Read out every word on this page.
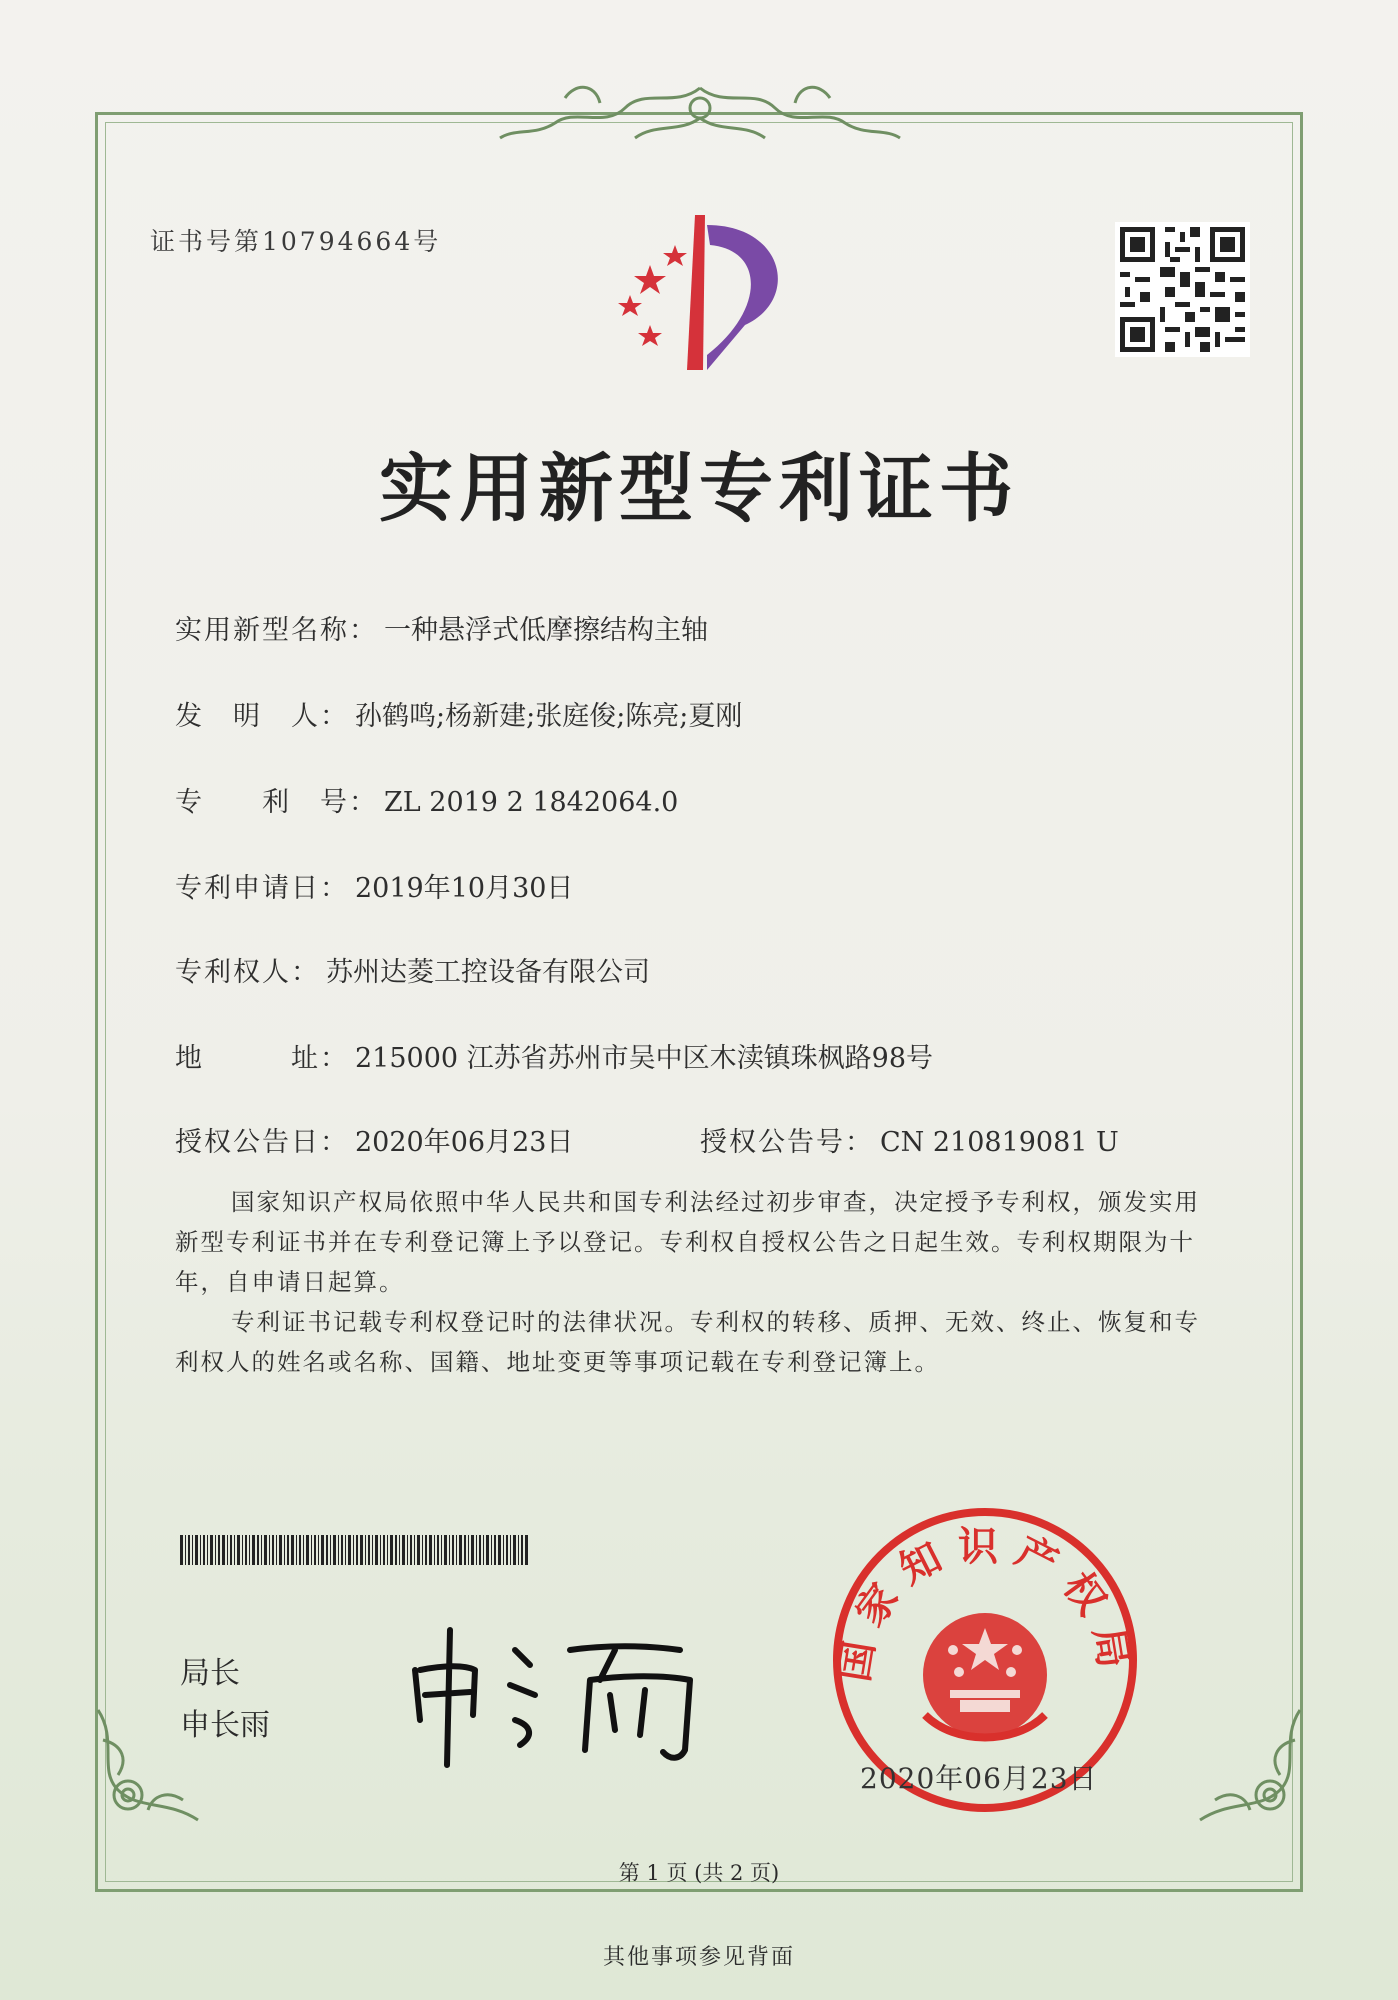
证书号第10794664号
实用新型专利证书
实用新型名称： 一种悬浮式低摩擦结构主轴
发　明　人： 孙鹤鸣;杨新建;张庭俊;陈亮;夏刚
专　　利　号： ZL 2019 2 1842064.0
专利申请日： 2019年10月30日
专利权人： 苏州达菱工控设备有限公司
地　　　址： 215000 江苏省苏州市吴中区木渎镇珠枫路98号
授权公告日： 2020年06月23日	授权公告号： CN 210819081 U
国家知识产权局依照中华人民共和国专利法经过初步审查，决定授予专利权，颁发实用新型专利证书并在专利登记簿上予以登记。专利权自授权公告之日起生效。专利权期限为十年，自申请日起算。
专利证书记载专利权登记时的法律状况。专利权的转移、质押、无效、终止、恢复和专利权人的姓名或名称、国籍、地址变更等事项记载在专利登记簿上。
局长
申长雨
国家知识产权局
2020年06月23日
第 1 页 (共 2 页)
其他事项参见背面
